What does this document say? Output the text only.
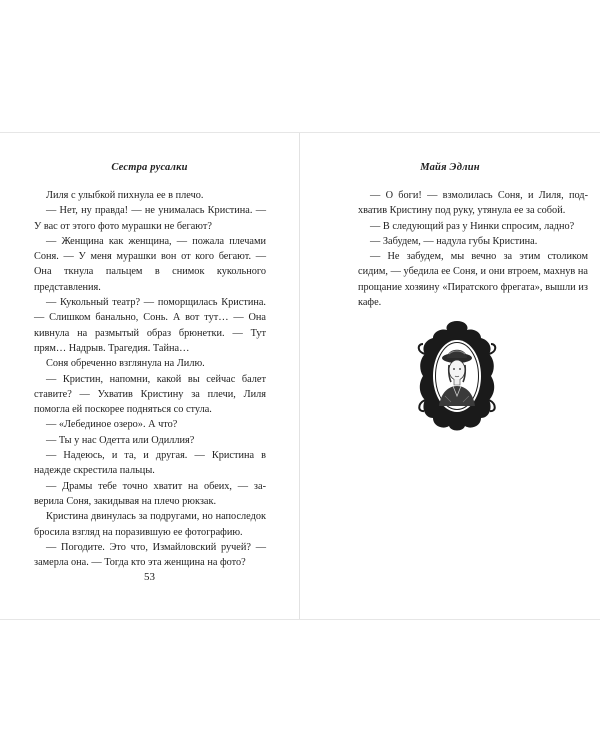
Сестра русалки

Лиля с улыбкой пихнула ее в плечо.

— Нет, ну правда! — не унималась Кристина. — У вас от этого фото мурашки не бегают?

— Женщина как женщина, — пожала плечами Соня. — У меня мурашки вон от кого бегают. — Она ткнула пальцем в снимок кукольного представления.

— Кукольный театр? — поморщилась Кристина. — Слишком банально, Сонь. А вот тут… — Она кивнула на размытый образ брюнетки. — Тут прям… Надрыв. Трагедия. Тайна…

Соня обреченно взглянула на Лилю.

— Кристин, напомни, какой вы сейчас балет ставите? — Ухватив Кристину за плечи, Лиля помогла ей поскорее подняться со стула.

— «Лебединое озеро». А что?

— Ты у нас Одетта или Одиллия?

— Надеюсь, и та, и другая. — Кристина в надежде скрестила пальцы.

— Драмы тебе точно хватит на обеих, — заверила Соня, закидывая на плечо рюкзак.

Кристина двинулась за подругами, но напоследок бросила взгляд на поразившую ее фотографию.

— Погодите. Это что, Измайловский ручей? — замерла она. — Тогда кто эта женщина на фото?

53
Майя Эдлин

— О боги! — взмолилась Соня, и Лиля, подхватив Кристину под руку, утянула ее за собой.

— В следующий раз у Нинки спросим, ладно?

— Забудем, — надула губы Кристина.

— Не забудем, мы вечно за этим столиком сидим, — убедила ее Соня, и они втроем, махнув на прощание хозяину «Пиратского фрегата», вышли из кафе.
